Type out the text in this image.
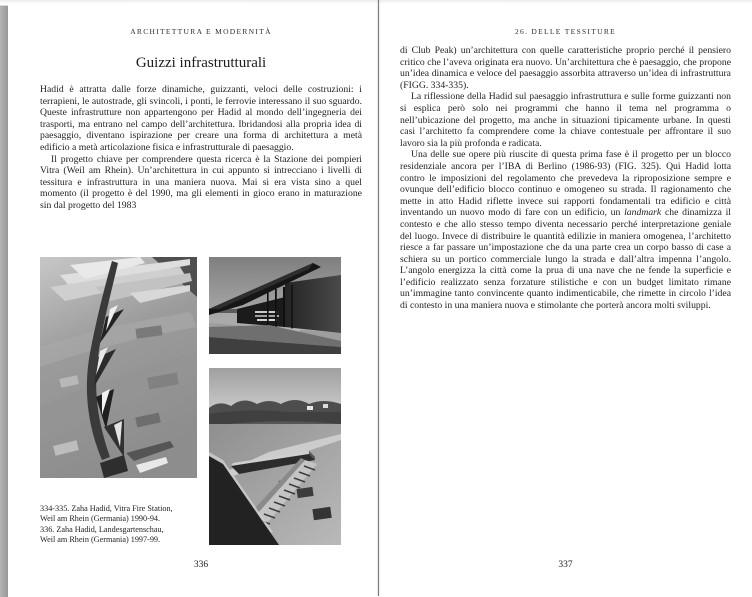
ARCHITETTURA E MODERNITÀ
Guizzi infrastrutturali

Hadid è attratta dalle forze dinamiche, guizzanti, veloci delle costruzioni: i terrapieni, le autostrade, gli svincoli, i ponti, le ferrovie interessano il suo sguardo. Queste infrastrutture non appartengono per Hadid al mondo dell’ingegneria dei trasporti, ma entrano nel campo dell’architettura. Ibridandosi alla propria idea di paesaggio, diventano ispirazione per creare una forma di architettura a metà edificio a metà articolazione fisica e infrastrutturale di paesaggio.

Il progetto chiave per comprendere questa ricerca è la Stazione dei pompieri Vitra (Weil am Rhein). Un’architettura in cui appunto si intrecciano i livelli di tessitura e infrastruttura in una maniera nuova. Mai si era vista sino a quel momento (il progetto è del 1990, ma gli elementi in gioco erano in maturazione sin dal progetto del 1983

334-335. Zaha Hadid, Vitra Fire Station,
Weil am Rhein (Germania) 1990-94.
336. Zaha Hadid, Landesgartenschau,
Weil am Rhein (Germania) 1997-99.
336
26. DELLE TESSITURE

di Club Peak) un’architettura con quelle caratteristiche proprio perché il pensiero critico che l’aveva originata era nuovo. Un’architettura che è paesaggio, che propone un’idea dinamica e veloce del paesaggio assorbita attraverso un’idea di infrastruttura (FIGG. 334-335).

La riflessione della Hadid sul paesaggio infrastruttura e sulle forme guizzanti non si esplica però solo nei programmi che hanno il tema nel programma o nell’ubicazione del progetto, ma anche in situazioni tipicamente urbane. In questi casi l’architetto fa comprendere come la chiave contestuale per affrontare il suo lavoro sia la più profonda e radicata.

Una delle sue opere più riuscite di questa prima fase è il progetto per un blocco residenziale ancora per l’IBA di Berlino (1986-93) (FIG. 325). Qui Hadid lotta contro le imposizioni del regolamento che prevedeva la riproposizione sempre e ovunque dell’edificio blocco continuo e omogeneo su strada. Il ragionamento che mette in atto Hadid riflette invece sui rapporti fondamentali tra edificio e città inventando un nuovo modo di fare con un edificio, un landmark che dinamizza il contesto e che allo stesso tempo diventa necessario perché interpretazione geniale del luogo. Invece di distribuire le quantità edilizie in maniera omogenea, l’architetto riesce a far passare un’impostazione che da una parte crea un corpo basso di case a schiera su un portico commerciale lungo la strada e dall’altra impenna l’angolo. L’angolo energizza la città come la prua di una nave che ne fende la superficie e l’edificio realizzato senza forzature stilistiche e con un budget limitato rimane un’immagine tanto convincente quanto indimenticabile, che rimette in circolo l’idea di contesto in una maniera nuova e stimolante che porterà ancora molti sviluppi.

337
